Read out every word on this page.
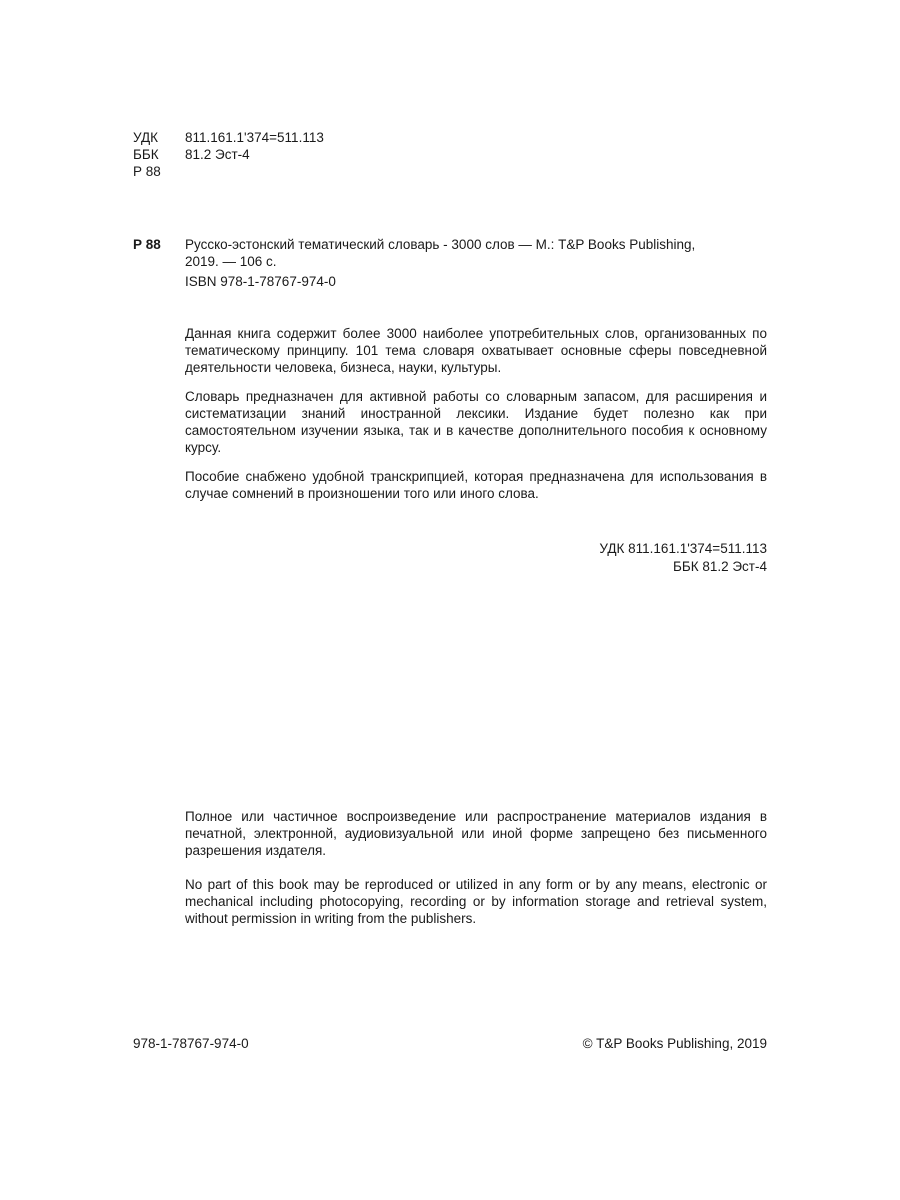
УДК	811.161.1'374=511.113
ББК	81.2 Эст-4
Р 88
Р 88	Русско-эстонский тематический словарь - 3000 слов — М.: T&P Books Publishing,
2019. — 106 с.
ISBN 978-1-78767-974-0

Данная книга содержит более 3000 наиболее употребительных слов, организованных по тематическому принципу. 101 тема словаря охватывает основные сферы повседневной деятельности человека, бизнеса, науки, культуры.

Словарь предназначен для активной работы со словарным запасом, для расширения и систематизации знаний иностранной лексики. Издание будет полезно как при самостоятельном изучении языка, так и в качестве дополнительного пособия к основному курсу.

Пособие снабжено удобной транскрипцией, которая предназначена для использования в случае сомнений в произношении того или иного слова.

УДК 811.161.1'374=511.113
ББК 81.2 Эст-4

Полное или частичное воспроизведение или распространение материалов издания в печатной, электронной, аудиовизуальной или иной форме запрещено без письменного разрешения издателя.

No part of this book may be reproduced or utilized in any form or by any means, electronic or mechanical including photocopying, recording or by information storage and retrieval system, without permission in writing from the publishers.

978-1-78767-974-0	© T&P Books Publishing, 2019
